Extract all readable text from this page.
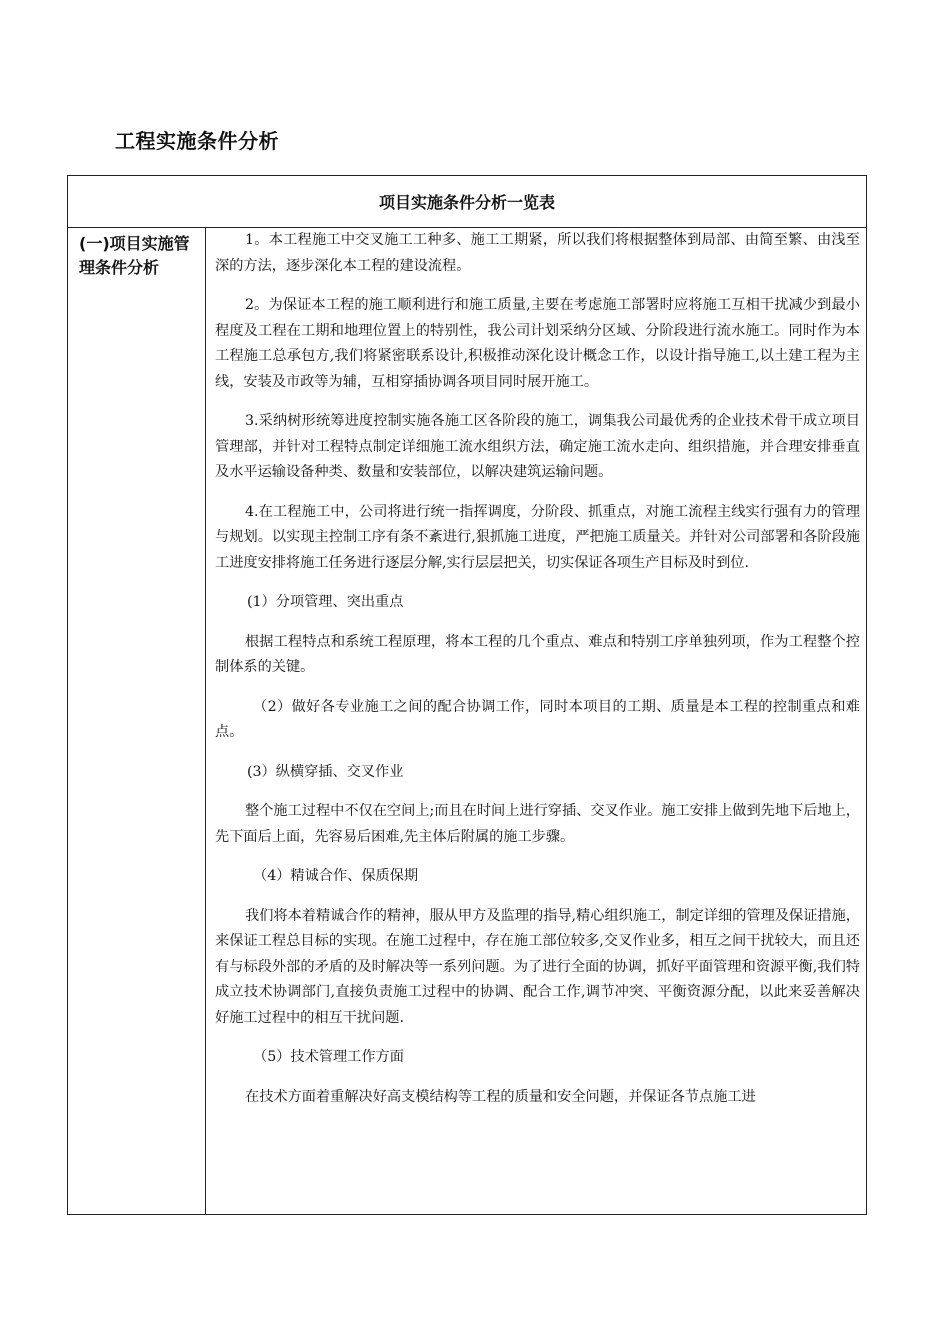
工程实施条件分析
项目实施条件分析一览表
(一)项目实施管理条件分析

1。本工程施工中交叉施工工种多、施工工期紧，所以我们将根据整体到局部、由简至繁、由浅至深的方法，逐步深化本工程的建设流程。

2。为保证本工程的施工顺利进行和施工质量,主要在考虑施工部署时应将施工互相干扰减少到最小程度及工程在工期和地理位置上的特别性，我公司计划采纳分区域、分阶段进行流水施工。同时作为本工程施工总承包方,我们将紧密联系设计,积极推动深化设计概念工作，以设计指导施工,以土建工程为主线，安装及市政等为辅，互相穿插协调各项目同时展开施工。

3.采纳树形统筹进度控制实施各施工区各阶段的施工，调集我公司最优秀的企业技术骨干成立项目管理部，并针对工程特点制定详细施工流水组织方法，确定施工流水走向、组织措施，并合理安排垂直及水平运输设备种类、数量和安装部位，以解决建筑运输问题。

4.在工程施工中，公司将进行统一指挥调度，分阶段、抓重点，对施工流程主线实行强有力的管理与规划。以实现主控制工序有条不紊进行,狠抓施工进度，严把施工质量关。并针对公司部署和各阶段施工进度安排将施工任务进行逐层分解,实行层层把关，切实保证各项生产目标及时到位.

(1）分项管理、突出重点

根据工程特点和系统工程原理，将本工程的几个重点、难点和特别工序单独列项，作为工程整个控制体系的关键。

（2）做好各专业施工之间的配合协调工作，同时本项目的工期、质量是本工程的控制重点和难点。

(3）纵横穿插、交叉作业

整个施工过程中不仅在空间上;而且在时间上进行穿插、交叉作业。施工安排上做到先地下后地上，先下面后上面，先容易后困难,先主体后附属的施工步骤。

（4）精诚合作、保质保期

我们将本着精诚合作的精神，服从甲方及监理的指导,精心组织施工，制定详细的管理及保证措施，来保证工程总目标的实现。在施工过程中，存在施工部位较多,交叉作业多，相互之间干扰较大，而且还有与标段外部的矛盾的及时解决等一系列问题。为了进行全面的协调，抓好平面管理和资源平衡,我们特成立技术协调部门,直接负责施工过程中的协调、配合工作,调节冲突、平衡资源分配，以此来妥善解决好施工过程中的相互干扰问题.

（5）技术管理工作方面

在技术方面着重解决好高支模结构等工程的质量和安全问题，并保证各节点施工进
